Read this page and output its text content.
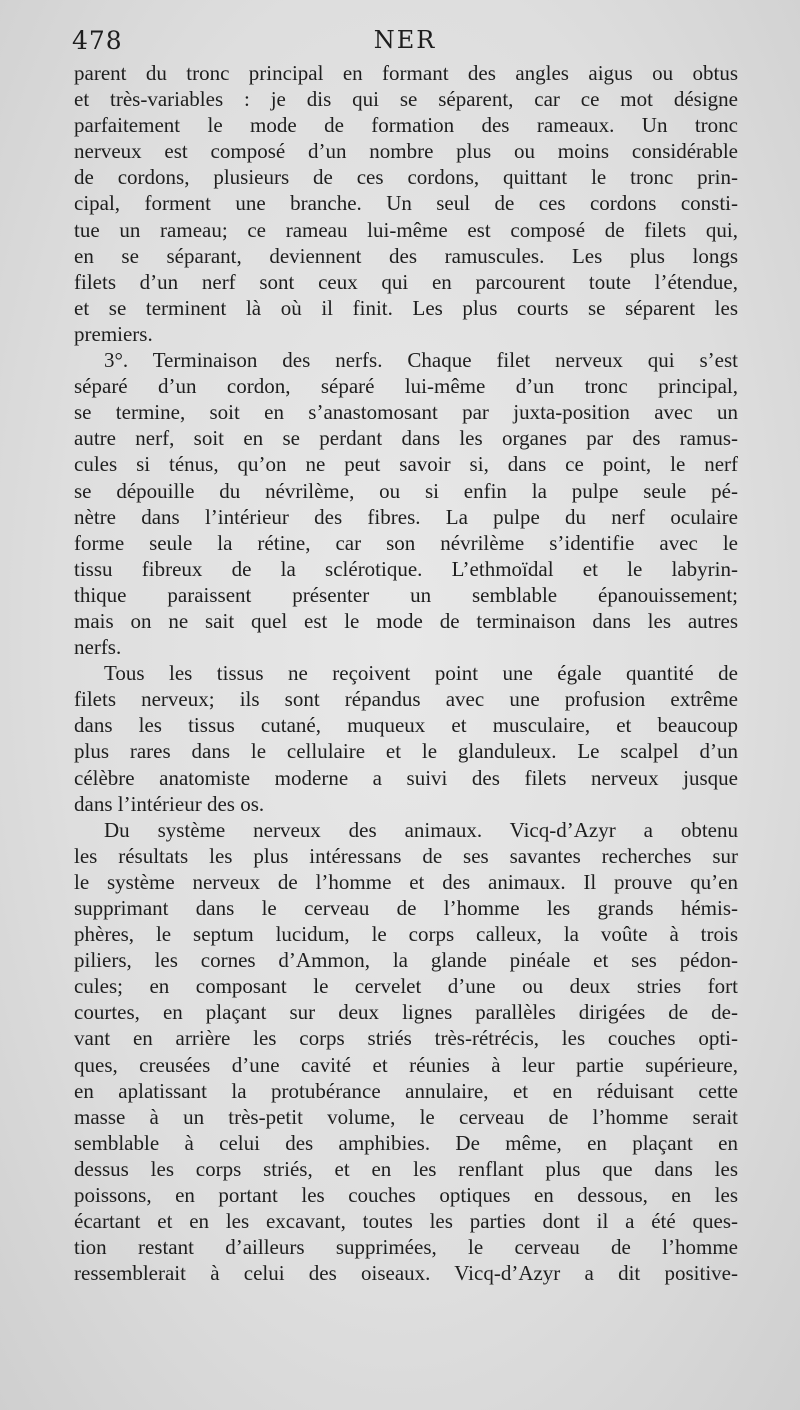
478	NER
parent du tronc principal en formant des angles aigus ou obtus
et très-variables : je dis qui se séparent, car ce mot désigne
parfaitement le mode de formation des rameaux. Un tronc
nerveux est composé d’un nombre plus ou moins considérable
de cordons, plusieurs de ces cordons, quittant le tronc prin-
cipal, forment une branche. Un seul de ces cordons consti-
tue un rameau; ce rameau lui-même est composé de filets qui,
en se séparant, deviennent des ramuscules. Les plus longs
filets d’un nerf sont ceux qui en parcourent toute l’étendue,
et se terminent là où il finit. Les plus courts se séparent les
premiers.
3°. Terminaison des nerfs. Chaque filet nerveux qui s’est
séparé d’un cordon, séparé lui-même d’un tronc principal,
se termine, soit en s’anastomosant par juxta-position avec un
autre nerf, soit en se perdant dans les organes par des ramus-
cules si ténus, qu’on ne peut savoir si, dans ce point, le nerf
se dépouille du névrilème, ou si enfin la pulpe seule pé-
nètre dans l’intérieur des fibres. La pulpe du nerf oculaire
forme seule la rétine, car son névrilème s’identifie avec le
tissu fibreux de la sclérotique. L’ethmoïdal et le labyrin-
thique paraissent présenter un semblable épanouissement;
mais on ne sait quel est le mode de terminaison dans les autres
nerfs.
Tous les tissus ne reçoivent point une égale quantité de
filets nerveux; ils sont répandus avec une profusion extrême
dans les tissus cutané, muqueux et musculaire, et beaucoup
plus rares dans le cellulaire et le glanduleux. Le scalpel d’un
célèbre anatomiste moderne a suivi des filets nerveux jusque
dans l’intérieur des os.
Du système nerveux des animaux. Vicq-d’Azyr a obtenu
les résultats les plus intéressans de ses savantes recherches sur
le système nerveux de l’homme et des animaux. Il prouve qu’en
supprimant dans le cerveau de l’homme les grands hémis-
phères, le septum lucidum, le corps calleux, la voûte à trois
piliers, les cornes d’Ammon, la glande pinéale et ses pédon-
cules; en composant le cervelet d’une ou deux stries fort
courtes, en plaçant sur deux lignes parallèles dirigées de de-
vant en arrière les corps striés très-rétrécis, les couches opti-
ques, creusées d’une cavité et réunies à leur partie supérieure,
en aplatissant la protubérance annulaire, et en réduisant cette
masse à un très-petit volume, le cerveau de l’homme serait
semblable à celui des amphibies. De même, en plaçant en
dessus les corps striés, et en les renflant plus que dans les
poissons, en portant les couches optiques en dessous, en les
écartant et en les excavant, toutes les parties dont il a été ques-
tion restant d’ailleurs supprimées, le cerveau de l’homme
ressemblerait à celui des oiseaux. Vicq-d’Azyr a dit positive-
